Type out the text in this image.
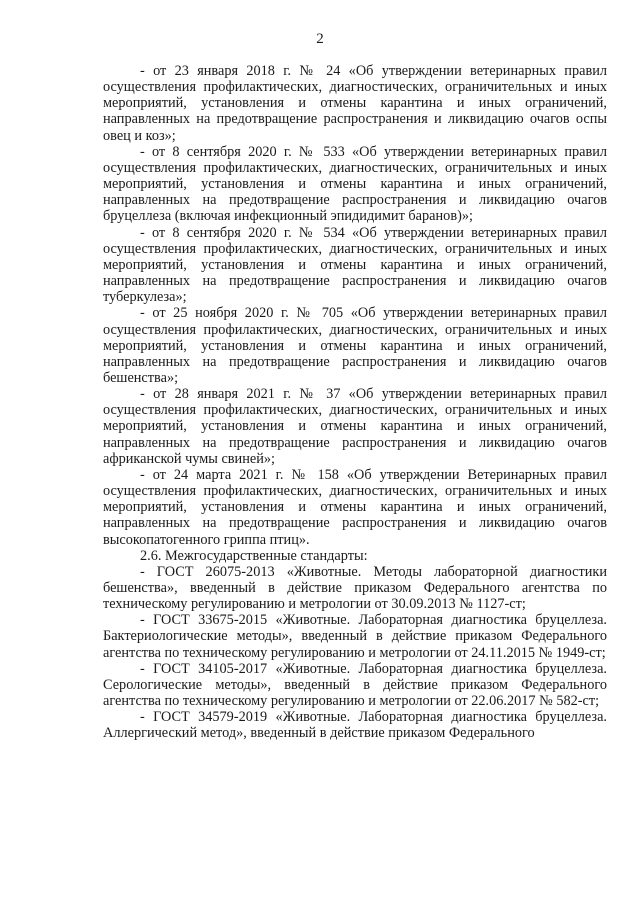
2

- от 23 января 2018 г. № 24 «Об утверждении ветеринарных правил осуществления профилактических, диагностических, ограничительных и иных мероприятий, установления и отмены карантина и иных ограничений, направленных на предотвращение распространения и ликвидацию очагов оспы овец и коз»;

- от 8 сентября 2020 г. № 533 «Об утверждении ветеринарных правил осуществления профилактических, диагностических, ограничительных и иных мероприятий, установления и отмены карантина и иных ограничений, направленных на предотвращение распространения и ликвидацию очагов бруцеллеза (включая инфекционный эпидидимит баранов)»;

- от 8 сентября 2020 г. № 534 «Об утверждении ветеринарных правил осуществления профилактических, диагностических, ограничительных и иных мероприятий, установления и отмены карантина и иных ограничений, направленных на предотвращение распространения и ликвидацию очагов туберкулеза»;

- от 25 ноября 2020 г. № 705 «Об утверждении ветеринарных правил осуществления профилактических, диагностических, ограничительных и иных мероприятий, установления и отмены карантина и иных ограничений, направленных на предотвращение распространения и ликвидацию очагов бешенства»;

- от 28 января 2021 г. № 37 «Об утверждении ветеринарных правил осуществления профилактических, диагностических, ограничительных и иных мероприятий, установления и отмены карантина и иных ограничений, направленных на предотвращение распространения и ликвидацию очагов африканской чумы свиней»;

- от 24 марта 2021 г. № 158 «Об утверждении Ветеринарных правил осуществления профилактических, диагностических, ограничительных и иных мероприятий, установления и отмены карантина и иных ограничений, направленных на предотвращение распространения и ликвидацию очагов высокопатогенного гриппа птиц».

2.6. Межгосударственные стандарты:

- ГОСТ 26075-2013 «Животные. Методы лабораторной диагностики бешенства», введенный в действие приказом Федерального агентства по техническому регулированию и метрологии от 30.09.2013 № 1127-ст;

- ГОСТ 33675-2015 «Животные. Лабораторная диагностика бруцеллеза. Бактериологические методы», введенный в действие приказом Федерального агентства по техническому регулированию и метрологии от 24.11.2015 № 1949-ст;

- ГОСТ 34105-2017 «Животные. Лабораторная диагностика бруцеллеза. Серологические методы», введенный в действие приказом Федерального агентства по техническому регулированию и метрологии от 22.06.2017 № 582-ст;

- ГОСТ 34579-2019 «Животные. Лабораторная диагностика бруцеллеза. Аллергический метод», введенный в действие приказом Федерального
